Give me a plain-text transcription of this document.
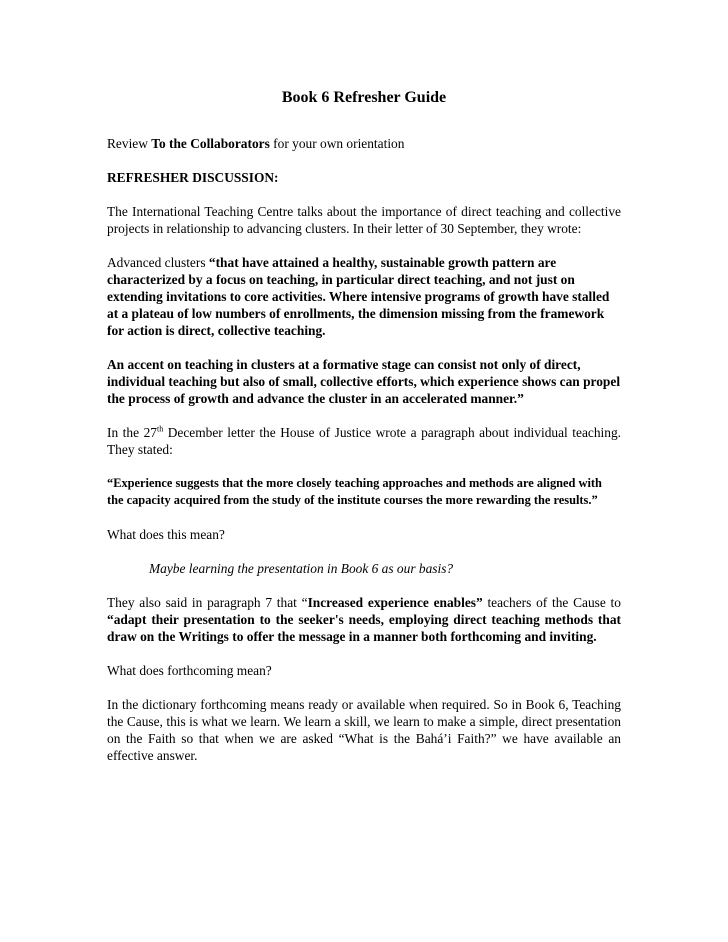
Book 6 Refresher Guide

Review To the Collaborators for your own orientation

REFRESHER DISCUSSION:

The International Teaching Centre talks about the importance of direct teaching and collective projects in relationship to advancing clusters. In their letter of 30 September, they wrote:

Advanced clusters “that have attained a healthy, sustainable growth pattern are characterized by a focus on teaching, in particular direct teaching, and not just on extending invitations to core activities. Where intensive programs of growth have stalled at a plateau of low numbers of enrollments, the dimension missing from the framework for action is direct, collective teaching.

An accent on teaching in clusters at a formative stage can consist not only of direct, individual teaching but also of small, collective efforts, which experience shows can propel the process of growth and advance the cluster in an accelerated manner.”

In the 27th December letter the House of Justice wrote a paragraph about individual teaching. They stated:

“Experience suggests that the more closely teaching approaches and methods are aligned with the capacity acquired from the study of the institute courses the more rewarding the results.”

What does this mean?

Maybe learning the presentation in Book 6 as our basis?

They also said in paragraph 7 that “Increased experience enables” teachers of the Cause to “adapt their presentation to the seeker's needs, employing direct teaching methods that draw on the Writings to offer the message in a manner both forthcoming and inviting.

What does forthcoming mean?

In the dictionary forthcoming means ready or available when required. So in Book 6, Teaching the Cause, this is what we learn. We learn a skill, we learn to make a simple, direct presentation on the Faith so that when we are asked “What is the Bahá’i Faith?” we have available an effective answer.
